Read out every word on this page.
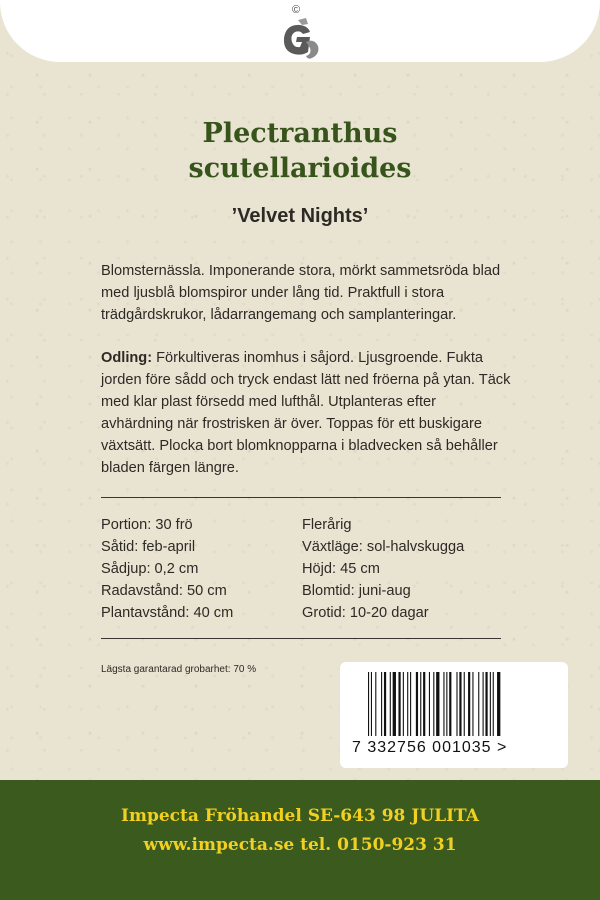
©
Plectranthus
scutellarioides
’Velvet Nights’
Blomsternässla. Imponerande stora, mörkt sammetsröda blad med ljusblå blomspiror under lång tid. Praktfull i stora trädgårdskrukor, lådarrangemang och samplanteringar.
Odling: Förkultiveras inomhus i såjord. Ljusgroende. Fukta jorden före sådd och tryck endast lätt ned fröerna på ytan. Täck med klar plast försedd med lufthål. Utplanteras efter avhärdning när frostrisken är över. Toppas för ett buskigare växtsätt. Plocka bort blomknopparna i bladvecken så behåller bladen färgen längre.
Portion: 30 frö
Såtid: feb-april
Sådjup: 0,2 cm
Radavstånd: 50 cm
Plantavstånd: 40 cm
Flerårig
Växtläge: sol-halvskugga
Höjd: 45 cm
Blomtid: juni-aug
Grotid: 10-20 dagar
Lägsta garantarad grobarhet: 70 %
7 332756 001035 >
Impecta Fröhandel SE-643 98 JULITA
www.impecta.se tel. 0150-923 31
